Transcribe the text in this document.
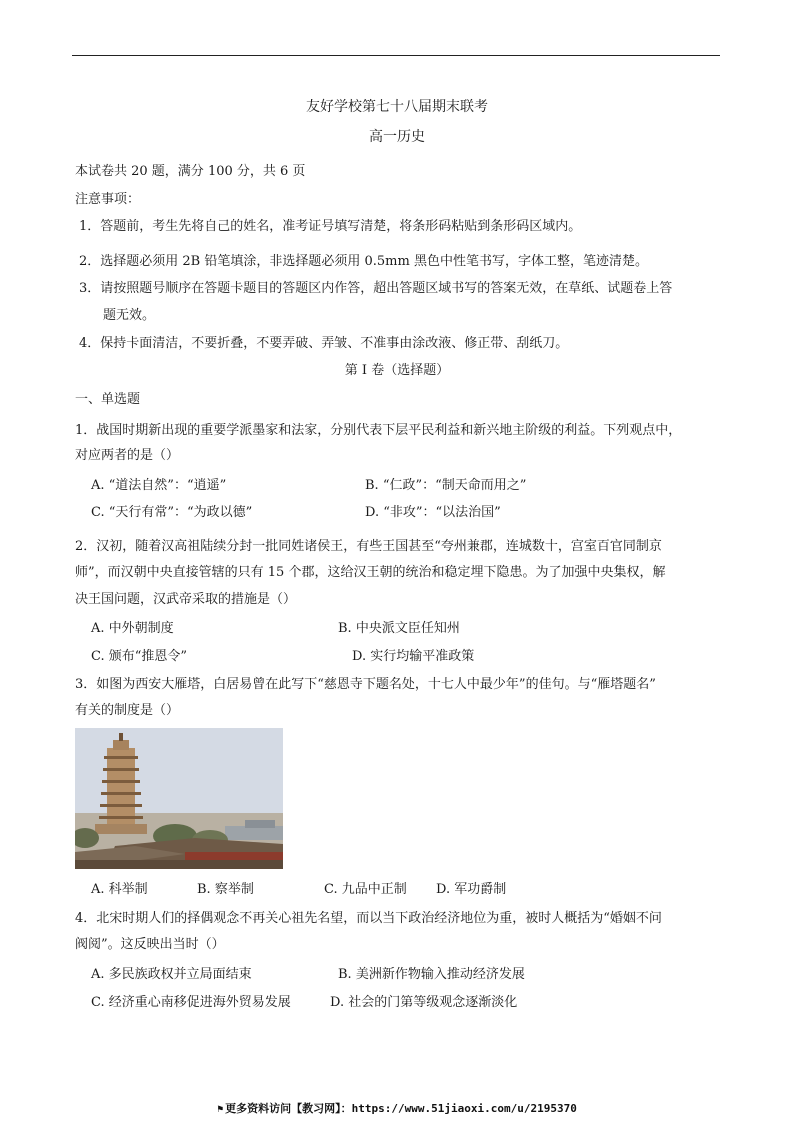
友好学校第七十八届期末联考
高一历史
本试卷共 20 题，满分 100 分，共 6 页
注意事项：
1．答题前，考生先将自己的姓名，准考证号填写清楚，将条形码粘贴到条形码区域内。
2．选择题必须用 2B 铅笔填涂，非选择题必须用 0.5mm 黑色中性笔书写，字体工整，笔迹清楚。
3．请按照题号顺序在答题卡题目的答题区内作答，超出答题区域书写的答案无效，在草纸、试题卷上答
题无效。
4．保持卡面清洁，不要折叠，不要弄破、弄皱、不准事由涂改液、修正带、刮纸刀。
第 I 卷（选择题）
一、单选题
1．战国时期新出现的重要学派墨家和法家，分别代表下层平民利益和新兴地主阶级的利益。下列观点中，
对应两者的是（）
A. “道法自然”：“逍遥”	B. “仁政”：“制天命而用之”
C. “天行有常”：“为政以德”	D. “非攻”：“以法治国”
2．汉初，随着汉高祖陆续分封一批同姓诸侯王，有些王国甚至“夸州兼郡，连城数十，宫室百官同制京
师”，而汉朝中央直接管辖的只有 15 个郡，这给汉王朝的统治和稳定埋下隐患。为了加强中央集权，解
决王国问题，汉武帝采取的措施是（）
A. 中外朝制度	B. 中央派文臣任知州
C. 颁布“推恩令”	D. 实行均输平准政策
3．如图为西安大雁塔，白居易曾在此写下“慈恩寺下题名处，十七人中最少年”的佳句。与“雁塔题名”
有关的制度是（）
A. 科举制	B. 察举制	C. 九品中正制 D. 军功爵制
4．北宋时期人们的择偶观念不再关心祖先名望，而以当下政治经济地位为重，被时人概括为“婚姻不问
阀阅”。这反映出当时（）
A. 多民族政权并立局面结束	B. 美洲新作物输入推动经济发展
C. 经济重心南移促进海外贸易发展	D. 社会的门第等级观念逐渐淡化
⚑ 更多资料访问【教习网】：https://www.51jiaoxi.com/u/2195370
